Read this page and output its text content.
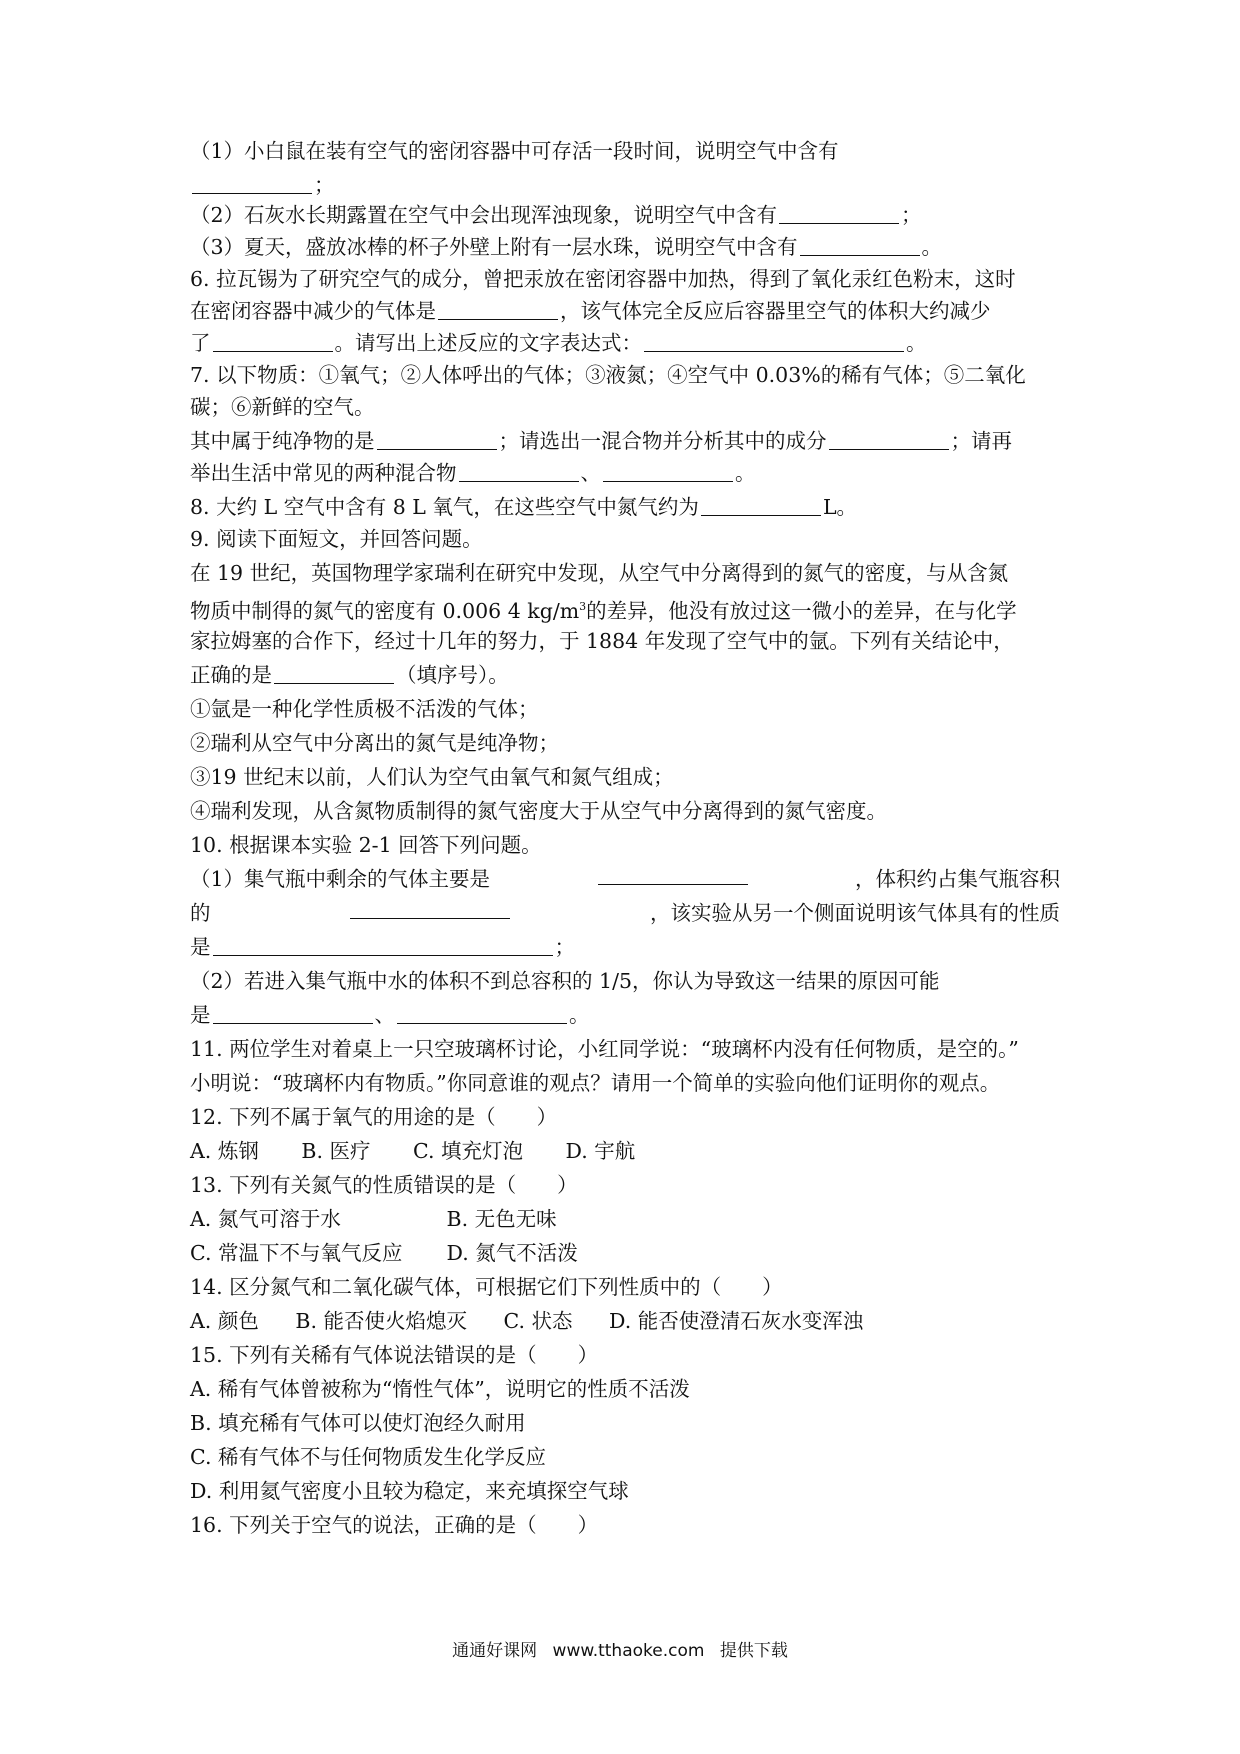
（1）小白鼠在装有空气的密闭容器中可存活一段时间，说明空气中含有
；
（2）石灰水长期露置在空气中会出现浑浊现象，说明空气中含有	；
（3）夏天，盛放冰棒的杯子外壁上附有一层水珠，说明空气中含有	。
6. 拉瓦锡为了研究空气的成分，曾把汞放在密闭容器中加热，得到了氧化汞红色粉末，这时
在密闭容器中减少的气体是	，该气体完全反应后容器里空气的体积大约减少
了	。请写出上述反应的文字表达式：	。
7. 以下物质：①氧气；②人体呼出的气体；③液氮；④空气中 0.03%的稀有气体；⑤二氧化
碳；⑥新鲜的空气。
其中属于纯净物的是	；请选出一混合物并分析其中的成分	；请再
举出生活中常见的两种混合物	、	。
8. 大约 L 空气中含有 8 L 氧气，在这些空气中氮气约为	L。
9. 阅读下面短文，并回答问题。
在 19 世纪，英国物理学家瑞利在研究中发现，从空气中分离得到的氮气的密度，与从含氮
物质中制得的氮气的密度有 0.006 4 $kg/m^3$的差异，他没有放过这一微小的差异，在与化学
家拉姆塞的合作下，经过十几年的努力，于 1884 年发现了空气中的氩。下列有关结论中，
正确的是	（填序号）。
①氩是一种化学性质极不活泼的气体；
②瑞利从空气中分离出的氮气是纯净物；
③19 世纪末以前，人们认为空气由氧气和氮气组成；
④瑞利发现，从含氮物质制得的氮气密度大于从空气中分离得到的氮气密度。
10. 根据课本实验 2-1 回答下列问题。
（1）集气瓶中剩余的气体主要是	，体积约占集气瓶容积
的	，该实验从另一个侧面说明该气体具有的性质
是	；
（2）若进入集气瓶中水的体积不到总容积的 1/5，你认为导致这一结果的原因可能
是	、	。
11. 两位学生对着桌上一只空玻璃杯讨论，小红同学说：“玻璃杯内没有任何物质，是空的。”
小明说：“玻璃杯内有物质。”你同意谁的观点？请用一个简单的实验向他们证明你的观点。
12. 下列不属于氧气的用途的是（　　）
A. 炼钢 B. 医疗 C. 填充灯泡 D. 宇航
13. 下列有关氮气的性质错误的是（　　）
A. 氮气可溶于水	B. 无色无味
C. 常温下不与氧气反应 D. 氮气不活泼
14. 区分氮气和二氧化碳气体，可根据它们下列性质中的（　　）
A. 颜色 B. 能否使火焰熄灭 C. 状态 D. 能否使澄清石灰水变浑浊
15. 下列有关稀有气体说法错误的是（　　）
A. 稀有气体曾被称为“惰性气体”，说明它的性质不活泼
B. 填充稀有气体可以使灯泡经久耐用
C. 稀有气体不与任何物质发生化学反应
D. 利用氦气密度小且较为稳定，来充填探空气球
16. 下列关于空气的说法，正确的是（　　）
通通好课网 www.tthaoke.com 提供下载
